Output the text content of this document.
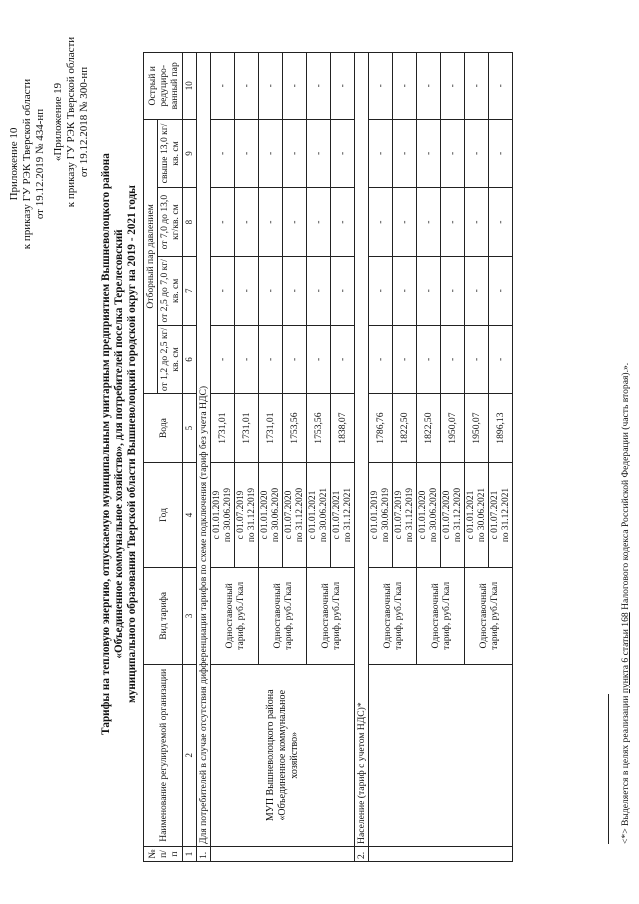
Приложение 10 к приказу ГУ РЭК Тверской области от 19.12.2019 № 434-нп «Приложение 19 к приказу ГУ РЭК Тверской области от 19.12.2018 № 300-нп
Тарифы на тепловую энергию, отпускаемую муниципальным унитарным предприятием Вышневолоцкого района «Объединенное коммунальное хозяйство», для потребителей поселка Терелесовский муниципального образования Тверской области Вышневолоцкий городской округ на 2019 - 2021 годы
№ п/ п	Наименование регулируемой организации	Вид тарифа	Год	Вода	Отборный пар давлением				Острый и редуциро-ванный пар
					от 1,2 до 2,5 кг/кв. см	от 2,5 до 7,0 кг/кв. см	от 7,0 до 13,0 кг/кв. см	свыше 13,0 кг/кв. см	
1	2	3	4	5	6	7	8	9	10
1.	Для потребителей в случае отсутствия дифференциации тарифов по схеме подключения (тариф без учета НДС)								
	МУП Вышневолоцкого района «Объединенное коммунальное хозяйство»	Одноставочный тариф, руб./Гкал	с 01.01.2019 по 30.06.2019	1731,01	-	-	-	-	-

			с 01.07.2019 по 31.12.2019	1731,01	-	-	-	-	-
		Одноставочный тариф, руб./Гкал	с 01.01.2020 по 30.06.2020	1731,01	-	-	-	-	-

			с 01.07.2020 по 31.12.2020	1753,56	-	-	-	-	-
		Одноставочный тариф, руб./Гкал	с 01.01.2021 по 30.06.2021	1753,56	-	-	-	-	-

			с 01.07.2021 по 31.12.2021	1838,07	-	-	-	-	-
2.	Население (тариф с учетом НДС)*								
		Одноставочный тариф, руб./Гкал	с 01.01.2019 по 30.06.2019	1786,76	-	-	-	-	-

			с 01.07.2019 по 31.12.2019	1822,50	-	-	-	-	-
		Одноставочный тариф, руб./Гкал	с 01.01.2020 по 30.06.2020	1822,50	-	-	-	-	-

			с 01.07.2020 по 31.12.2020	1950,07	-	-	-	-	-
		Одноставочный тариф, руб./Гкал	с 01.01.2021 по 30.06.2021	1950,07	-	-	-	-	-

			с 01.07.2021 по 31.12.2021	1896,13	-	-	-	-	-
<*> Выделяется в целях реализации пункта 6 статьи 168 Налогового кодекса Российской Федерации (часть вторая).».
